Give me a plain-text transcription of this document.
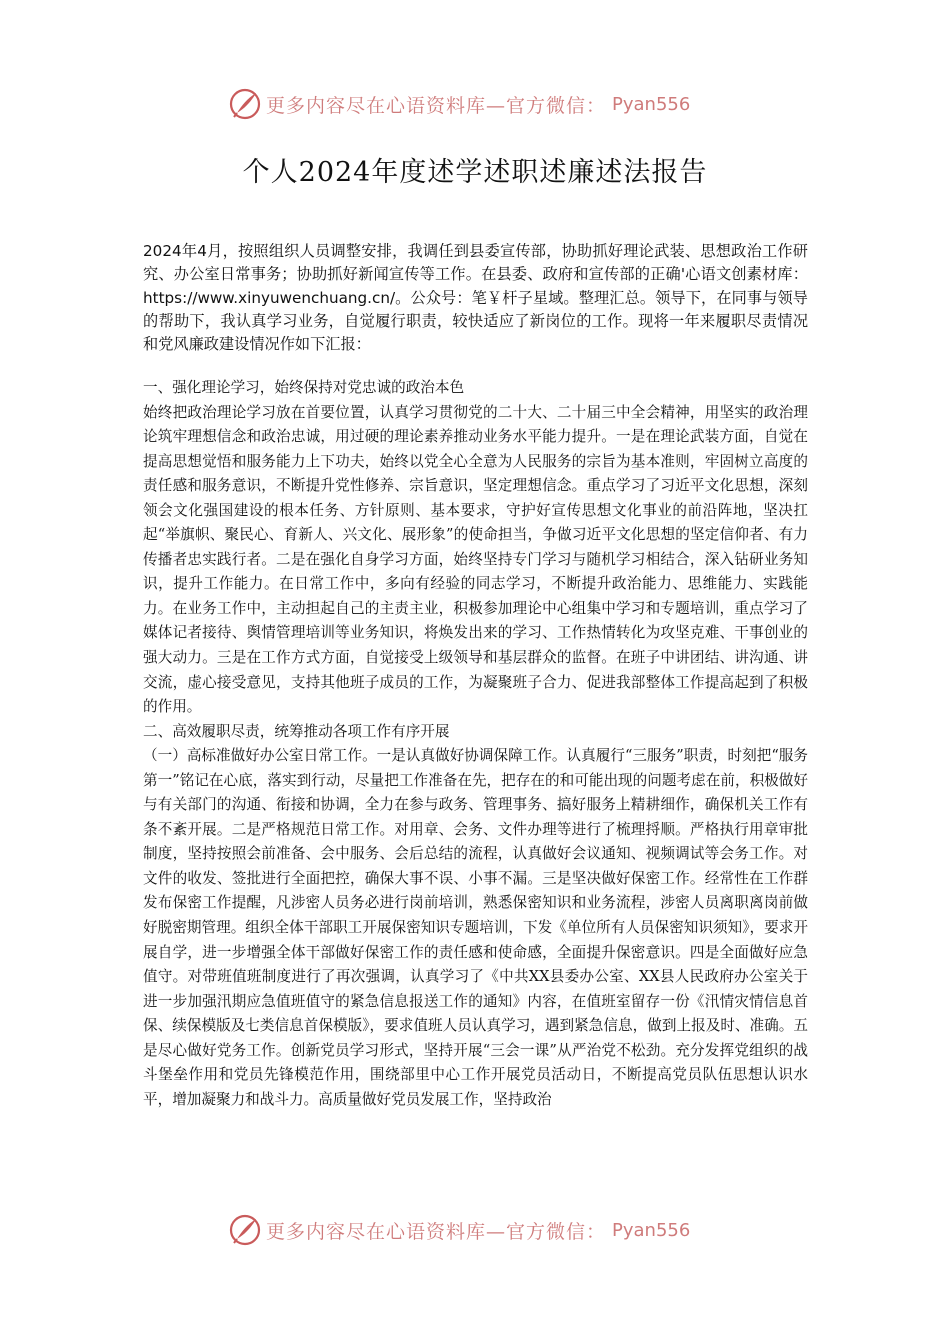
更多内容尽在心语资料库—官方微信： Pyan556
个人2024年度述学述职述廉述法报告

2024年4月，按照组织人员调整安排，我调任到县委宣传部，协助抓好理论武装、思想政治工作研究、办公室日常事务；协助抓好新闻宣传等工作。在县委、政府和宣传部的正确'心语文创素材库：https://www.xinyuwenchuang.cn/。公众号：笔￥杆子星域。整理汇总。领导下，在同事与领导的帮助下，我认真学习业务，自觉履行职责，较快适应了新岗位的工作。现将一年来履职尽责情况和党风廉政建设情况作如下汇报：

一、强化理论学习，始终保持对党忠诚的政治本色

始终把政治理论学习放在首要位置，认真学习贯彻党的二十大、二十届三中全会精神，用坚实的政治理论筑牢理想信念和政治忠诚，用过硬的理论素养推动业务水平能力提升。一是在理论武装方面，自觉在提高思想觉悟和服务能力上下功夫，始终以党全心全意为人民服务的宗旨为基本准则，牢固树立高度的责任感和服务意识，不断提升党性修养、宗旨意识，坚定理想信念。重点学习了习近平文化思想，深刻领会文化强国建设的根本任务、方针原则、基本要求，守护好宣传思想文化事业的前沿阵地，坚决扛起“举旗帜、聚民心、育新人、兴文化、展形象”的使命担当，争做习近平文化思想的坚定信仰者、有力传播者忠实践行者。二是在强化自身学习方面，始终坚持专门学习与随机学习相结合，深入钻研业务知识，提升工作能力。在日常工作中，多向有经验的同志学习，不断提升政治能力、思维能力、实践能力。在业务工作中，主动担起自己的主责主业，积极参加理论中心组集中学习和专题培训，重点学习了媒体记者接待、舆情管理培训等业务知识，将焕发出来的学习、工作热情转化为攻坚克难、干事创业的强大动力。三是在工作方式方面，自觉接受上级领导和基层群众的监督。在班子中讲团结、讲沟通、讲交流，虚心接受意见，支持其他班子成员的工作，为凝聚班子合力、促进我部整体工作提高起到了积极的作用。

二、高效履职尽责，统筹推动各项工作有序开展

（一）高标准做好办公室日常工作。一是认真做好协调保障工作。认真履行“三服务”职责，时刻把“服务第一”铭记在心底，落实到行动，尽量把工作准备在先，把存在的和可能出现的问题考虑在前，积极做好与有关部门的沟通、衔接和协调，全力在参与政务、管理事务、搞好服务上精耕细作，确保机关工作有条不紊开展。二是严格规范日常工作。对用章、会务、文件办理等进行了梳理捋顺。严格执行用章审批制度，坚持按照会前准备、会中服务、会后总结的流程，认真做好会议通知、视频调试等会务工作。对文件的收发、签批进行全面把控，确保大事不误、小事不漏。三是坚决做好保密工作。经常性在工作群发布保密工作提醒，凡涉密人员务必进行岗前培训，熟悉保密知识和业务流程，涉密人员离职离岗前做好脱密期管理。组织全体干部职工开展保密知识专题培训，下发《单位所有人员保密知识须知》，要求开展自学，进一步增强全体干部做好保密工作的责任感和使命感，全面提升保密意识。四是全面做好应急值守。对带班值班制度进行了再次强调，认真学习了《中共XX县委办公室、XX县人民政府办公室关于进一步加强汛期应急值班值守的紧急信息报送工作的通知》内容，在值班室留存一份《汛情灾情信息首保、续保模版及七类信息首保模版》，要求值班人员认真学习，遇到紧急信息，做到上报及时、准确。五是尽心做好党务工作。创新党员学习形式，坚持开展“三会一课”从严治党不松劲。充分发挥党组织的战斗堡垒作用和党员先锋模范作用，围绕部里中心工作开展党员活动日，不断提高党员队伍思想认识水平，增加凝聚力和战斗力。高质量做好党员发展工作，坚持政治

更多内容尽在心语资料库—官方微信： Pyan556
